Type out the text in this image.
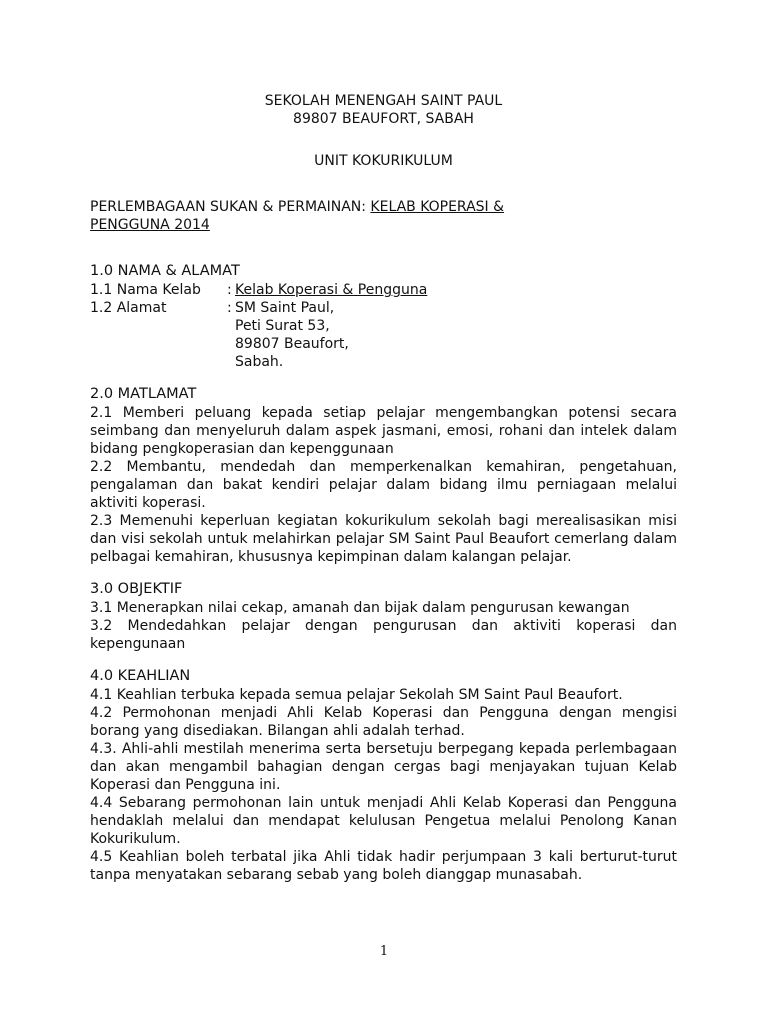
SEKOLAH MENENGAH SAINT PAUL
89807 BEAUFORT, SABAH
UNIT KOKURIKULUM
PERLEMBAGAAN SUKAN & PERMAINAN: KELAB KOPERASI &
PENGGUNA 2014
1.0 NAMA & ALAMAT
1.1 Nama Kelab	: Kelab Koperasi & Pengguna
1.2 Alamat	: SM Saint Paul,
Peti Surat 53,
89807 Beaufort,
Sabah.
2.0 MATLAMAT
2.1 Memberi peluang kepada setiap pelajar mengembangkan potensi secara seimbang dan menyeluruh dalam aspek jasmani, emosi, rohani dan intelek dalam bidang pengkoperasian dan kepenggunaan
2.2 Membantu, mendedah dan memperkenalkan kemahiran, pengetahuan, pengalaman dan bakat kendiri pelajar dalam bidang ilmu perniagaan melalui aktiviti koperasi.
2.3 Memenuhi keperluan kegiatan kokurikulum sekolah bagi merealisasikan misi dan visi sekolah untuk melahirkan pelajar SM Saint Paul Beaufort cemerlang dalam pelbagai kemahiran, khususnya kepimpinan dalam kalangan pelajar.
3.0 OBJEKTIF
3.1 Menerapkan nilai cekap, amanah dan bijak dalam pengurusan kewangan
3.2 Mendedahkan pelajar dengan pengurusan dan aktiviti koperasi dan kepengunaan
4.0 KEAHLIAN
4.1 Keahlian terbuka kepada semua pelajar Sekolah SM Saint Paul Beaufort.
4.2 Permohonan menjadi Ahli Kelab Koperasi dan Pengguna dengan mengisi borang yang disediakan. Bilangan ahli adalah terhad.
4.3. Ahli-ahli mestilah menerima serta bersetuju berpegang kepada perlembagaan dan akan mengambil bahagian dengan cergas bagi menjayakan tujuan Kelab Koperasi dan Pengguna ini.
4.4 Sebarang permohonan lain untuk menjadi Ahli Kelab Koperasi dan Pengguna hendaklah melalui dan mendapat kelulusan Pengetua melalui Penolong Kanan Kokurikulum.
4.5 Keahlian boleh terbatal jika Ahli tidak hadir perjumpaan 3 kali berturut-turut tanpa menyatakan sebarang sebab yang boleh dianggap munasabah.
1
